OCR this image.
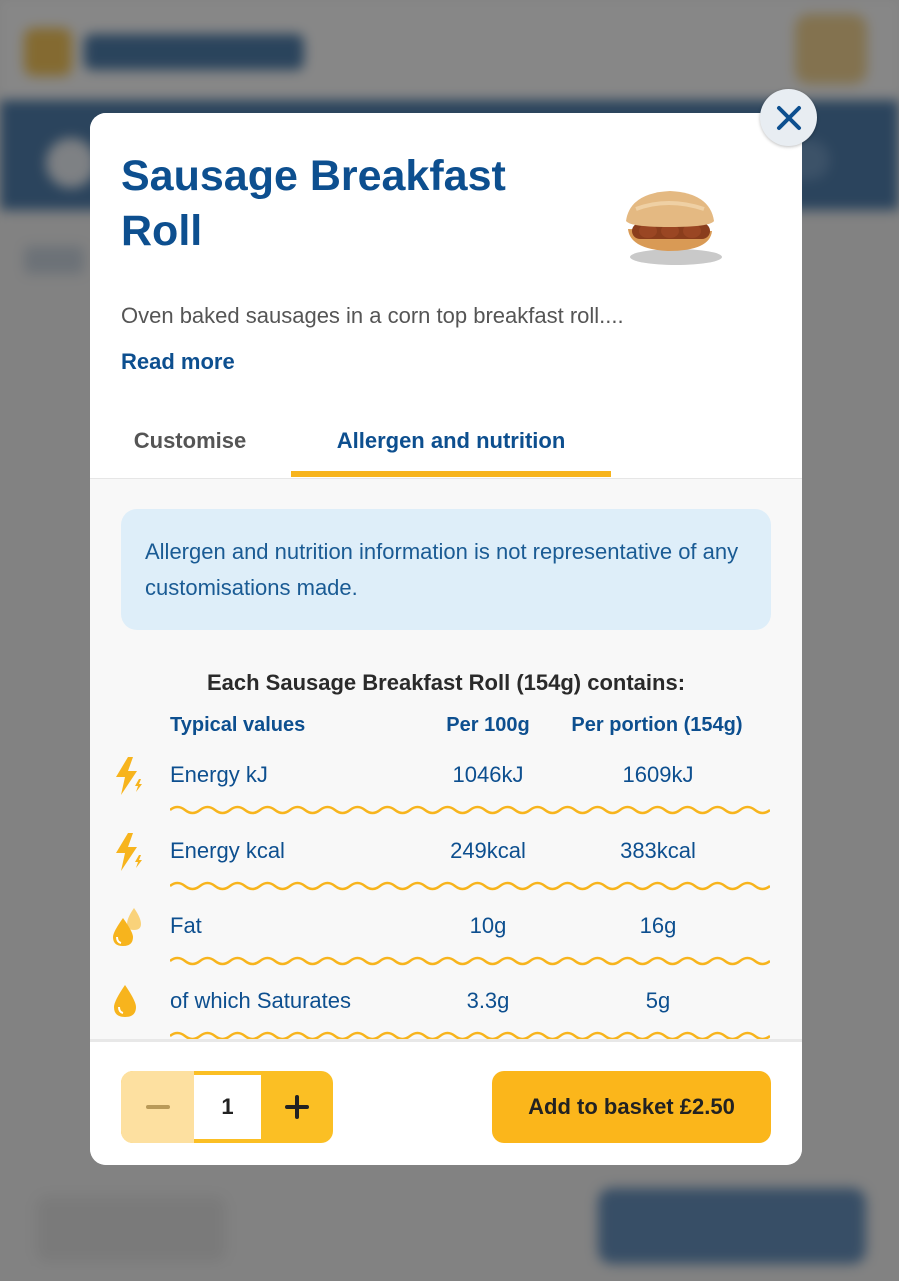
Sausage Breakfast Roll

Oven baked sausages in a corn top breakfast roll....

Read more
Customise	Allergen and nutrition

Allergen and nutrition information is not representative of any customisations made.

Each Sausage Breakfast Roll (154g) contains:
Typical values	Per 100g	Per portion (154g)
Energy kJ	1046kJ	1609kJ
Energy kcal	249kcal	383kcal
Fat	10g	16g
of which Saturates	3.3g	5g
1	Add to basket £2.50
